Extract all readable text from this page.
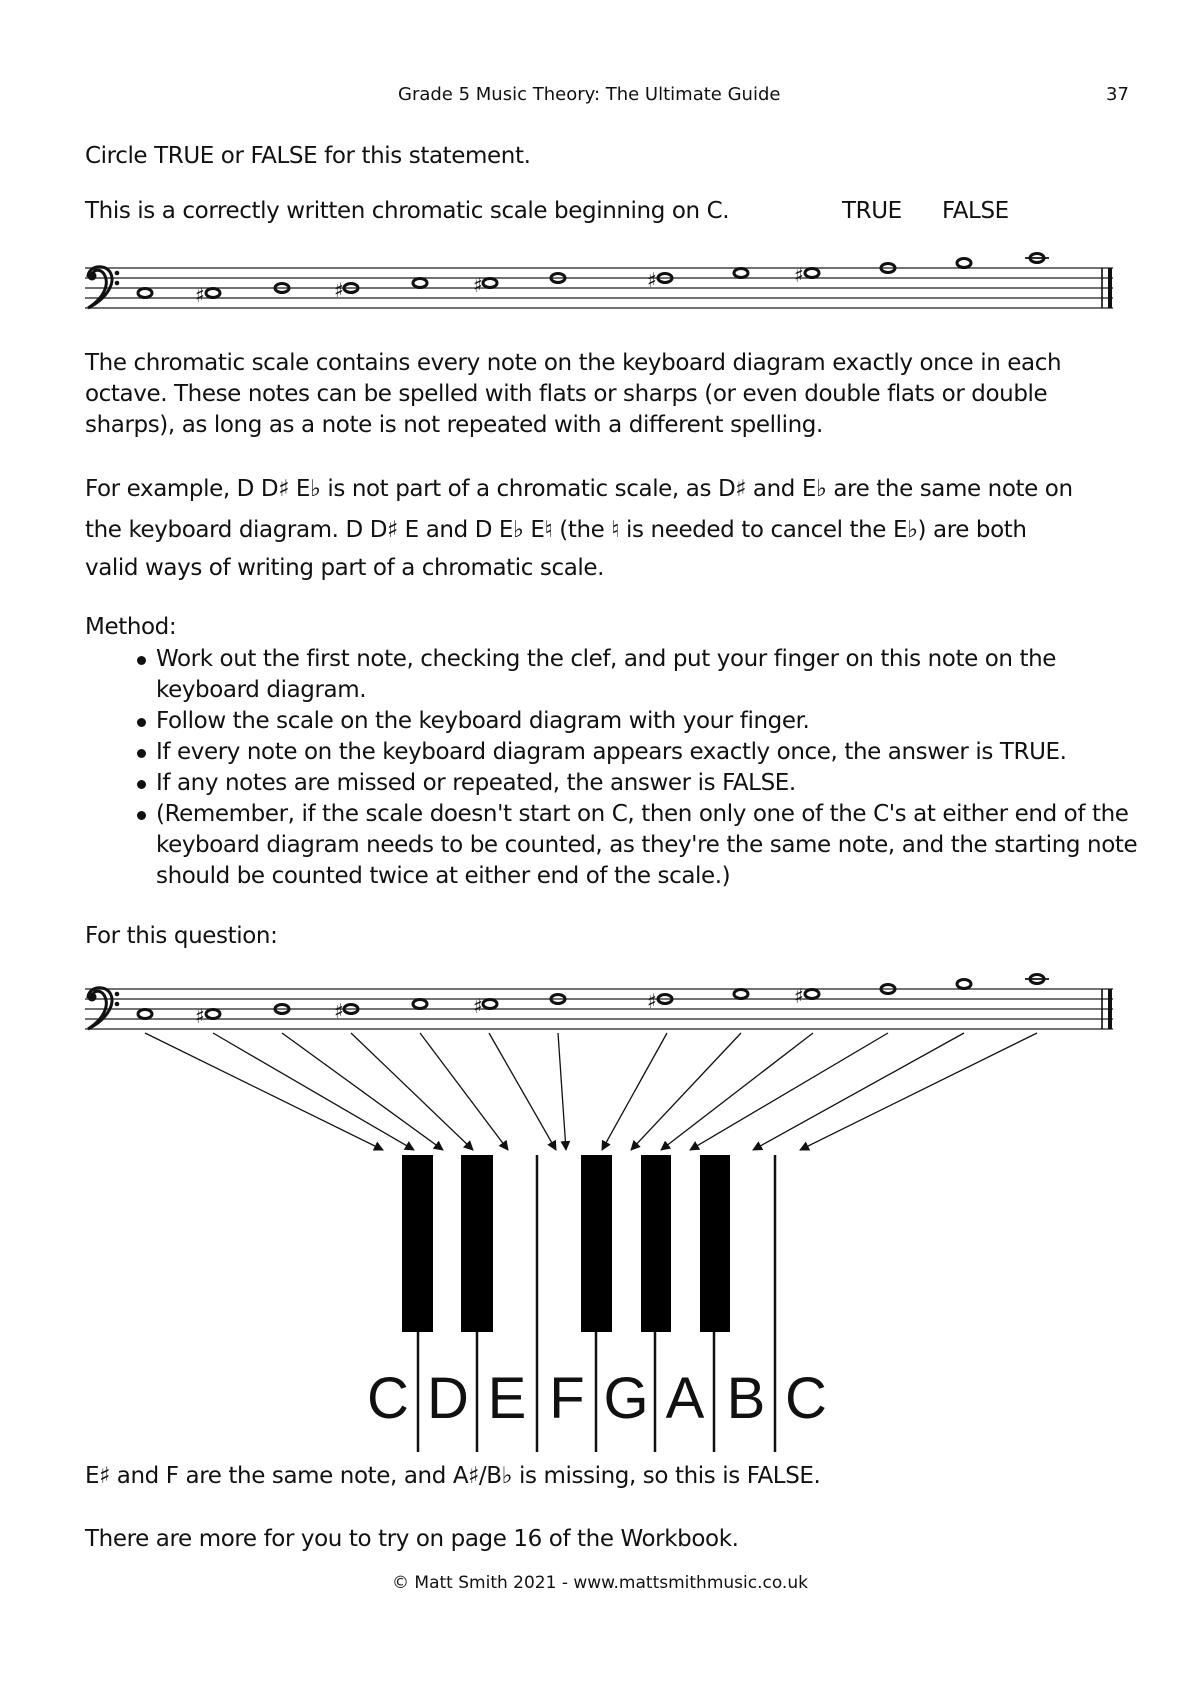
Grade 5 Music Theory: The Ultimate Guide	37
Circle TRUE or FALSE for this statement.
This is a correctly written chromatic scale beginning on C.	TRUE FALSE
♯	♯	♯	♯	♯

The chromatic scale contains every note on the keyboard diagram exactly once in each octave. These notes can be spelled with flats or sharps (or even double flats or double sharps), as long as a note is not repeated with a different spelling.

For example, D D♯ E♭ is not part of a chromatic scale, as D♯ and E♭ are the same note on
the keyboard diagram. D D♯ E and D E♭ E♮ (the ♮ is needed to cancel the E♭) are both
valid ways of writing part of a chromatic scale.
Method:
Work out the first note, checking the clef, and put your finger on this note on the keyboard diagram.
Follow the scale on the keyboard diagram with your finger.
If every note on the keyboard diagram appears exactly once, the answer is TRUE.
If any notes are missed or repeated, the answer is FALSE.
(Remember, if the scale doesn't start on C, then only one of the C's at either end of the keyboard diagram needs to be counted, as they're the same note, and the starting note should be counted twice at either end of the scale.)
For this question:
♯	♯	♯	♯	♯
C D E F G A B C
E♯ and F are the same note, and A♯/B♭ is missing, so this is FALSE.
There are more for you to try on page 16 of the Workbook.
© Matt Smith 2021 - www.mattsmithmusic.co.uk
